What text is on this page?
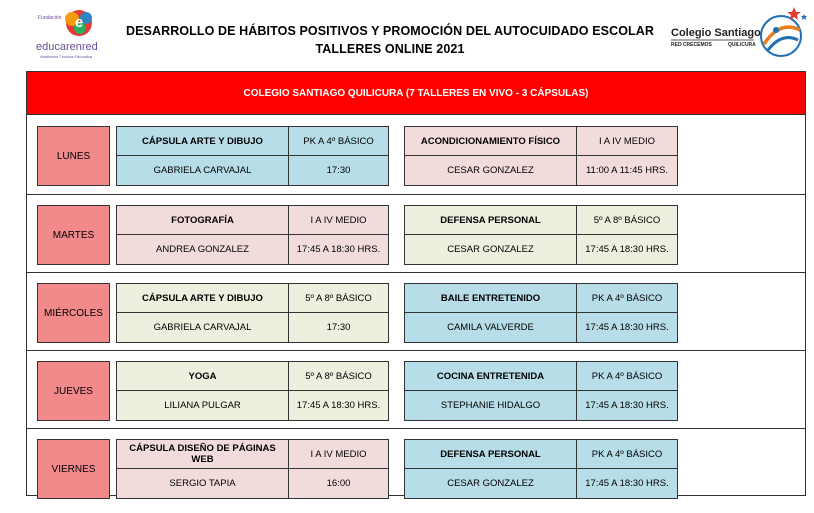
e
Fundación
educarenred
Asistencia Técnica Educativa
DESARROLLO DE HÁBITOS POSITIVOS Y PROMOCIÓN DEL AUTOCUIDADO ESCOLAR
TALLERES ONLINE 2021
Colegio Santiago
RED CRECEMOS	QUILICURA
COLEGIO SANTIAGO QUILICURA (7 TALLERES EN VIVO - 3 CÁPSULAS)
LUNES
CÁPSULA ARTE Y DIBUJO	PK A 4º BÁSICO
GABRIELA CARVAJAL	17:30
ACONDICIONAMIENTO FÍSICO	I A IV MEDIO
CESAR GONZALEZ	11:00 A 11:45 HRS.
MARTES
FOTOGRAFÍA	I A IV MEDIO
ANDREA GONZALEZ	17:45 A 18:30 HRS.
DEFENSA PERSONAL	5º A 8º BÁSICO
CESAR GONZALEZ	17:45 A 18:30 HRS.
MIÉRCOLES
CÁPSULA ARTE Y DIBUJO	5º A 8º BÁSICO
GABRIELA CARVAJAL	17:30
BAILE ENTRETENIDO	PK A 4º BÁSICO
CAMILA VALVERDE	17:45 A 18:30 HRS.
JUEVES
YOGA	5º A 8º BÁSICO
LILIANA PULGAR	17:45 A 18:30 HRS.
COCINA ENTRETENIDA	PK A 4º BÁSICO
STEPHANIE HIDALGO	17:45 A 18:30 HRS.
VIERNES
CÁPSULA DISEÑO DE PÁGINAS WEB	I A IV MEDIO
SERGIO TAPIA	16:00
DEFENSA PERSONAL	PK A 4º BÁSICO
CESAR GONZALEZ	17:45 A 18:30 HRS.
